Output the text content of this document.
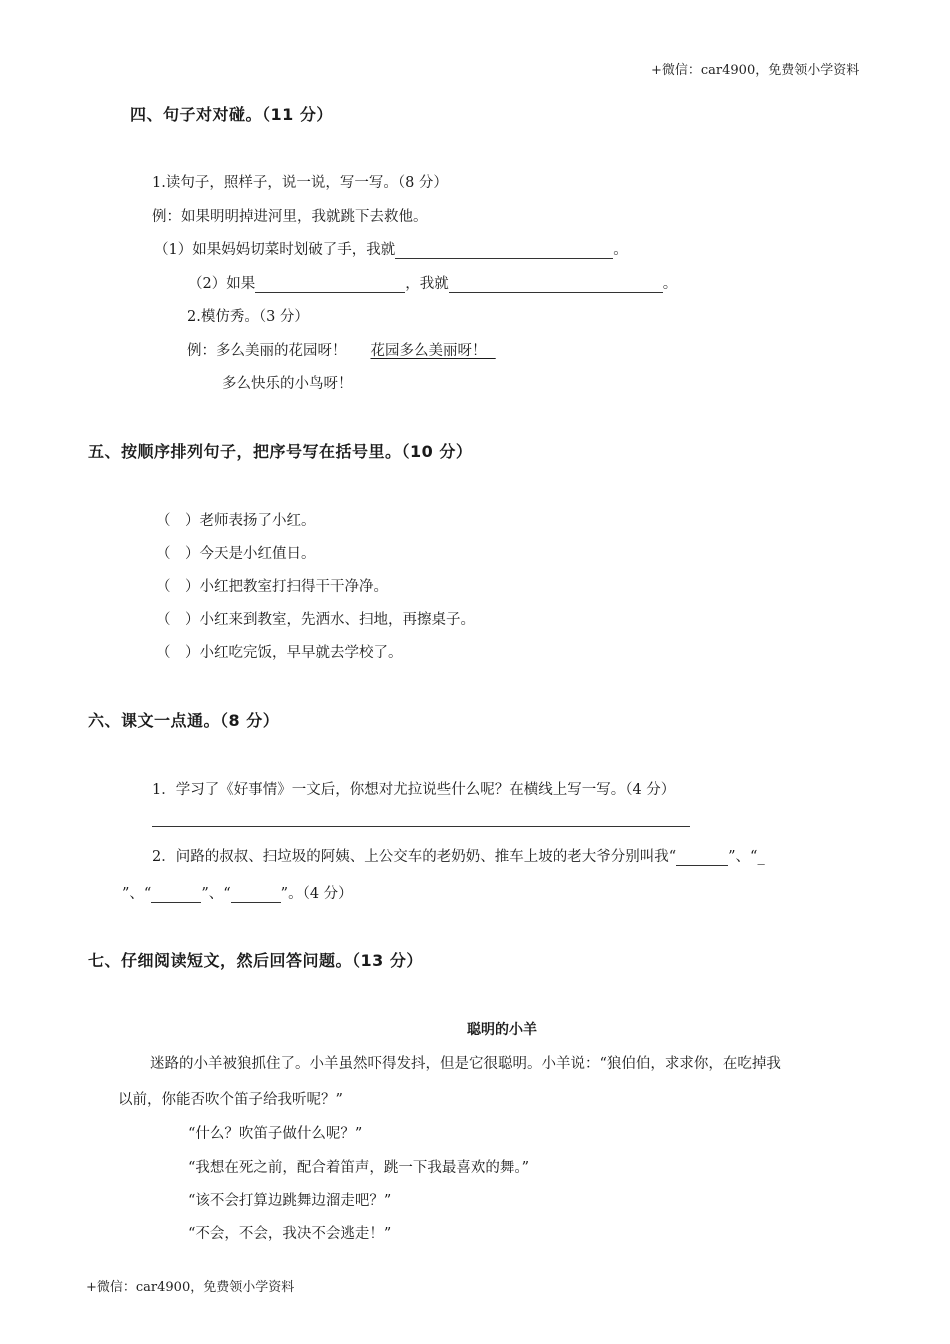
+微信：car4900，免费领小学资料
+微信：car4900，免费领小学资料
四、句子对对碰。（11 分）
1.读句子，照样子，说一说，写一写。（8 分）
例：如果明明掉进河里，我就跳下去救他。
（1）如果妈妈切菜时划破了手，我就	。
（2）如果	，我就	。
2.模仿秀。（3 分）
例：多么美丽的花园呀！ 花园多么美丽呀！
多么快乐的小鸟呀！
五、按顺序排列句子，把序号写在括号里。（10 分）
（　）老师表扬了小红。
（　）今天是小红值日。
（　）小红把教室打扫得干干净净。
（　）小红来到教室，先洒水、扫地，再擦桌子。
（　）小红吃完饭，早早就去学校了。
六、课文一点通。（8 分）
1．学习了《好事情》一文后，你想对尤拉说些什么呢？在横线上写一写。（4 分）
2．问路的叔叔、扫垃圾的阿姨、上公交车的老奶奶、推车上坡的老大爷分别叫我“	”、“_
”、“	”、“	”。（4 分）
七、仔细阅读短文，然后回答问题。（13 分）
聪明的小羊
迷路的小羊被狼抓住了。小羊虽然吓得发抖，但是它很聪明。小羊说：“狼伯伯，求求你，在吃掉我
以前，你能否吹个笛子给我听呢？”
“什么？吹笛子做什么呢？”
“我想在死之前，配合着笛声，跳一下我最喜欢的舞。”
“该不会打算边跳舞边溜走吧？”
“不会，不会，我决不会逃走！”
